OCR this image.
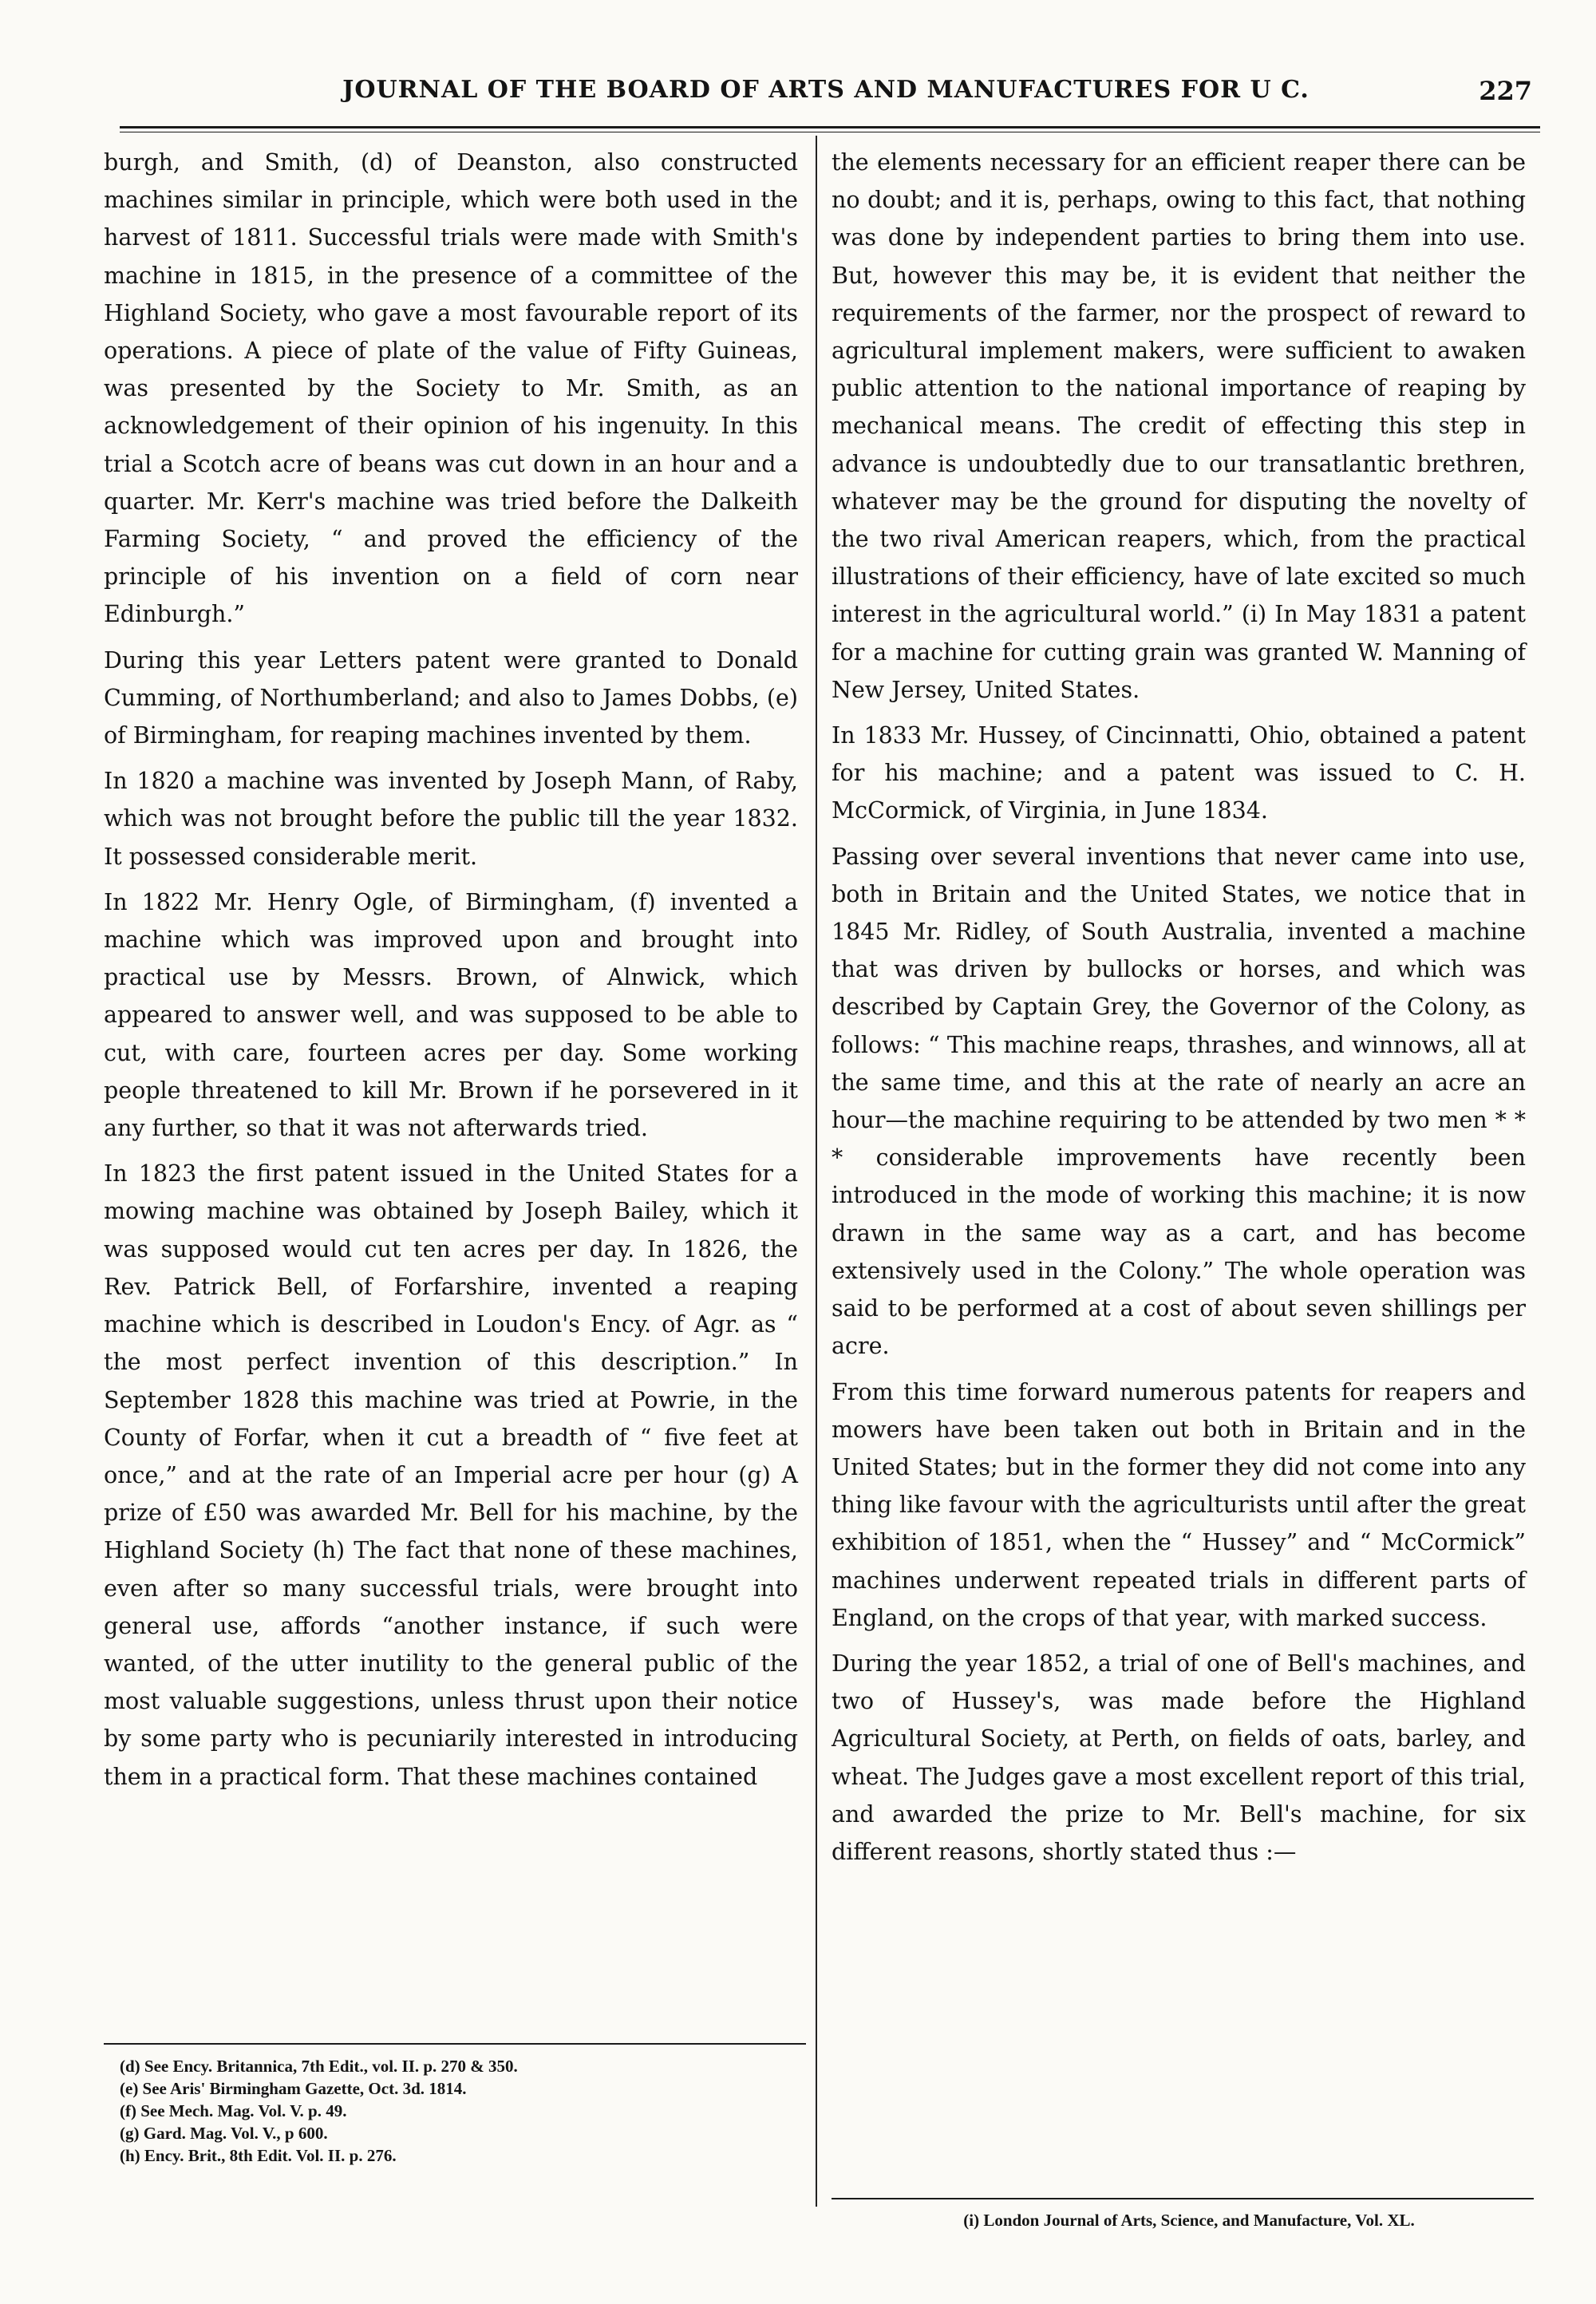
JOURNAL OF THE BOARD OF ARTS AND MANUFACTURES FOR U C.	227

burgh, and Smith, (d) of Deanston, also constructed machines similar in principle, which were both used in the harvest of 1811. Successful trials were made with Smith's machine in 1815, in the presence of a committee of the Highland Society, who gave a most favourable report of its operations. A piece of plate of the value of Fifty Guineas, was presented by the Society to Mr. Smith, as an acknowledgement of their opinion of his ingenuity. In this trial a Scotch acre of beans was cut down in an hour and a quarter. Mr. Kerr's machine was tried before the Dalkeith Farming Society, “ and proved the efficiency of the principle of his invention on a field of corn near Edinburgh.”

During this year Letters patent were granted to Donald Cumming, of Northumberland; and also to James Dobbs, (e) of Birmingham, for reaping machines invented by them.

In 1820 a machine was invented by Joseph Mann, of Raby, which was not brought before the public till the year 1832. It possessed considerable merit.

In 1822 Mr. Henry Ogle, of Birmingham, (f) invented a machine which was improved upon and brought into practical use by Messrs. Brown, of Alnwick, which appeared to answer well, and was supposed to be able to cut, with care, fourteen acres per day. Some working people threatened to kill Mr. Brown if he porsevered in it any further, so that it was not afterwards tried.

In 1823 the first patent issued in the United States for a mowing machine was obtained by Joseph Bailey, which it was supposed would cut ten acres per day. In 1826, the Rev. Patrick Bell, of Forfarshire, invented a reaping machine which is described in Loudon's Ency. of Agr. as “ the most perfect invention of this description.” In September 1828 this machine was tried at Powrie, in the County of Forfar, when it cut a breadth of “ five feet at once,” and at the rate of an Imperial acre per hour (g) A prize of £50 was awarded Mr. Bell for his machine, by the Highland Society (h) The fact that none of these machines, even after so many successful trials, were brought into general use, affords “another instance, if such were wanted, of the utter inutility to the general public of the most valuable suggestions, unless thrust upon their notice by some party who is pecuniarily interested in introducing them in a practical form. That these machines contained

(d) See Ency. Britannica, 7th Edit., vol. II. p. 270 & 350.
(e) See Aris' Birmingham Gazette, Oct. 3d. 1814.
(f) See Mech. Mag. Vol. V. p. 49.
(g) Gard. Mag. Vol. V., p 600.
(h) Ency. Brit., 8th Edit. Vol. II. p. 276.

the elements necessary for an efficient reaper there can be no doubt; and it is, perhaps, owing to this fact, that nothing was done by independent parties to bring them into use. But, however this may be, it is evident that neither the requirements of the farmer, nor the prospect of reward to agricultural implement makers, were sufficient to awaken public attention to the national importance of reaping by mechanical means. The credit of effecting this step in advance is undoubtedly due to our transatlantic brethren, whatever may be the ground for disputing the novelty of the two rival American reapers, which, from the practical illustrations of their efficiency, have of late excited so much interest in the agricultural world.” (i) In May 1831 a patent for a machine for cutting grain was granted W. Manning of New Jersey, United States.

In 1833 Mr. Hussey, of Cincinnatti, Ohio, obtained a patent for his machine; and a patent was issued to C. H. McCormick, of Virginia, in June 1834.

Passing over several inventions that never came into use, both in Britain and the United States, we notice that in 1845 Mr. Ridley, of South Australia, invented a machine that was driven by bullocks or horses, and which was described by Captain Grey, the Governor of the Colony, as follows: “ This machine reaps, thrashes, and winnows, all at the same time, and this at the rate of nearly an acre an hour—the machine requiring to be attended by two men * * * considerable improvements have recently been introduced in the mode of working this machine; it is now drawn in the same way as a cart, and has become extensively used in the Colony.” The whole operation was said to be performed at a cost of about seven shillings per acre.

From this time forward numerous patents for reapers and mowers have been taken out both in Britain and in the United States; but in the former they did not come into any thing like favour with the agriculturists until after the great exhibition of 1851, when the “ Hussey” and “ McCormick” machines underwent repeated trials in different parts of England, on the crops of that year, with marked success.

During the year 1852, a trial of one of Bell's machines, and two of Hussey's, was made before the Highland Agricultural Society, at Perth, on fields of oats, barley, and wheat. The Judges gave a most excellent report of this trial, and awarded the prize to Mr. Bell's machine, for six different reasons, shortly stated thus :—

(i) London Journal of Arts, Science, and Manufacture, Vol. XL.
